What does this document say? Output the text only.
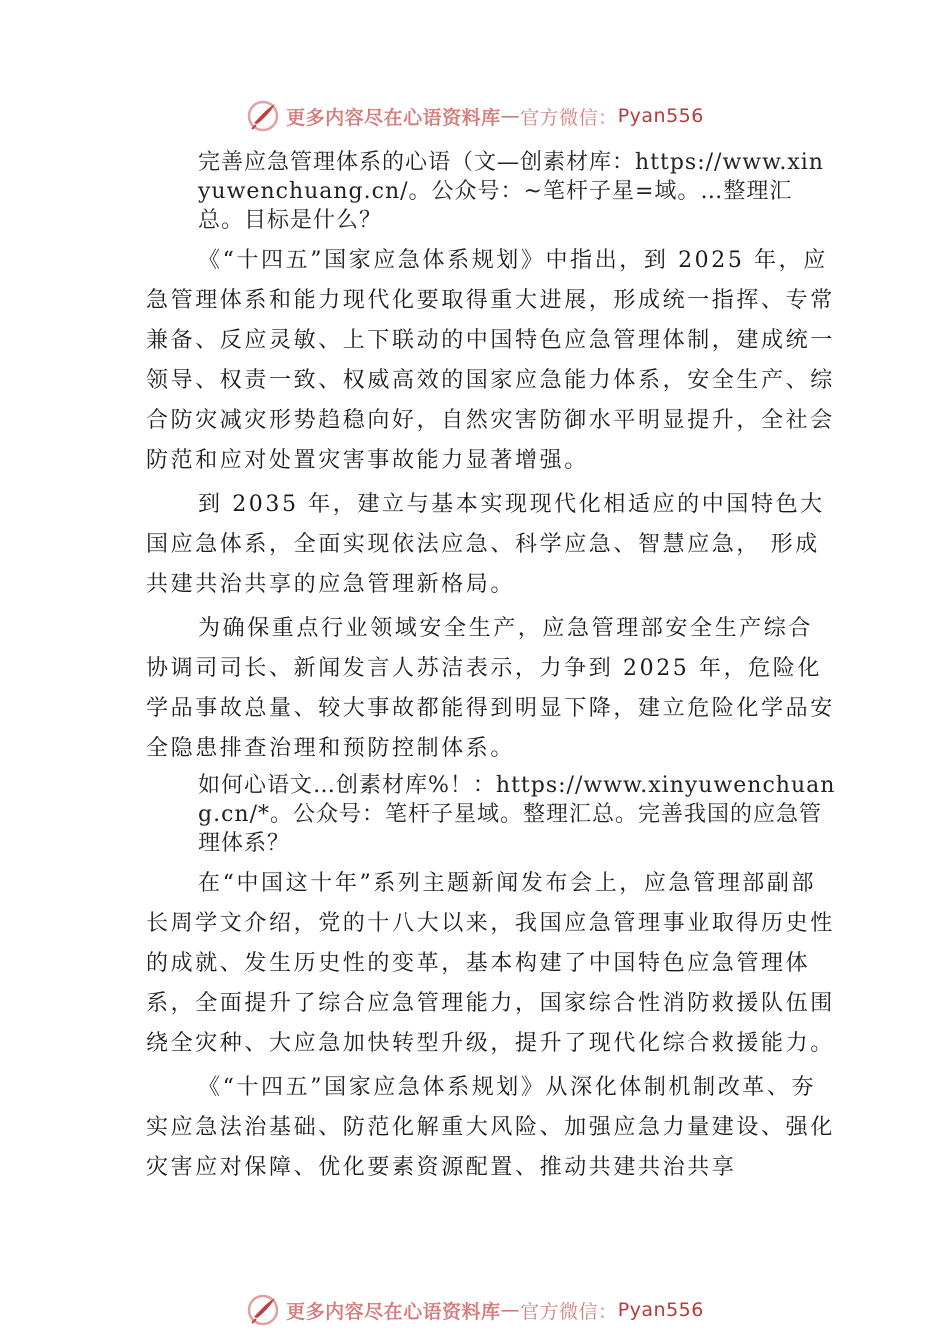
更多内容尽在心语资料库 — 官方微信： Pyan556

完善应急管理体系的心语（文—创素材库：https://www.xinyuwenchuang.cn/。公众号：~笔杆子星=域。…整理汇总。目标是什么？

《“十四五”国家应急体系规划》中指出，到 2025 年，应急管理体系和能力现代化要取得重大进展，形成统一指挥、专常兼备、反应灵敏、上下联动的中国特色应急管理体制，建成统一领导、权责一致、权威高效的国家应急能力体系，安全生产、综合防灾减灾形势趋稳向好，自然灾害防御水平明显提升，全社会防范和应对处置灾害事故能力显著增强。

到 2035 年，建立与基本实现现代化相适应的中国特色大国应急体系，全面实现依法应急、科学应急、智慧应急， 形成共建共治共享的应急管理新格局。

为确保重点行业领域安全生产，应急管理部安全生产综合协调司司长、新闻发言人苏洁表示，力争到 2025 年，危险化学品事故总量、较大事故都能得到明显下降，建立危险化学品安全隐患排查治理和预防控制体系。

如何心语文…创素材库%！：https://www.xinyuwenchuang.cn/*。公众号：笔杆子星域。整理汇总。完善我国的应急管理体系？

在“中国这十年”系列主题新闻发布会上，应急管理部副部长周学文介绍，党的十八大以来，我国应急管理事业取得历史性的成就、发生历史性的变革，基本构建了中国特色应急管理体系，全面提升了综合应急管理能力，国家综合性消防救援队伍围绕全灾种、大应急加快转型升级，提升了现代化综合救援能力。

《“十四五”国家应急体系规划》从深化体制机制改革、夯实应急法治基础、防范化解重大风险、加强应急力量建设、强化灾害应对保障、优化要素资源配置、推动共建共治共享

更多内容尽在心语资料库 — 官方微信： Pyan556
